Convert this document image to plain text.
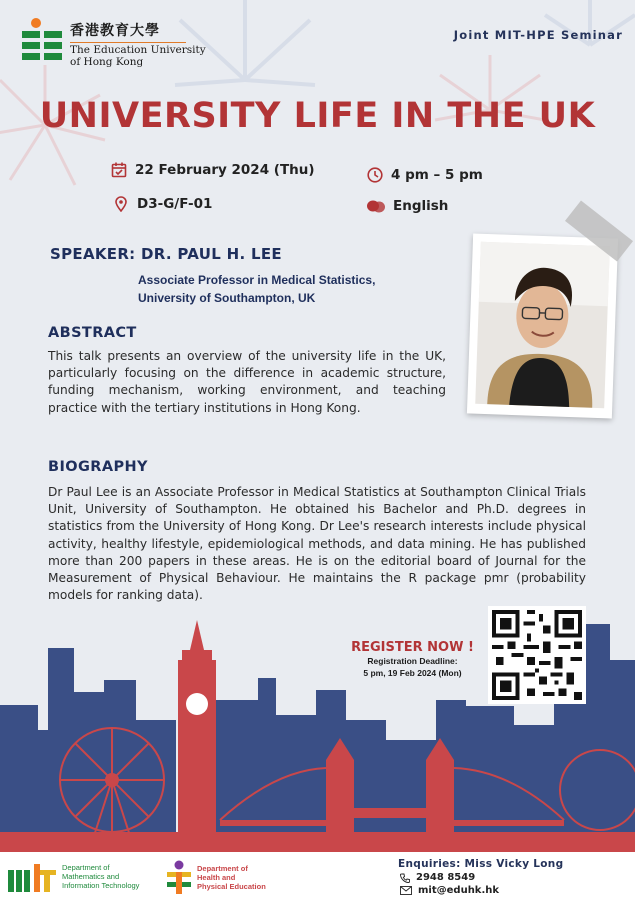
香港教育大學
The Education University
of Hong Kong
Joint MIT-HPE Seminar
UNIVERSITY LIFE IN THE UK
22 February 2024 (Thu)	4 pm – 5 pm
D3-G/F-01	English
SPEAKER: DR. PAUL H. LEE
Associate Professor in Medical Statistics,
University of Southampton, UK
ABSTRACT
This talk presents an overview of the university life in the UK, particularly focusing on the difference in academic structure, funding mechanism, working environment, and teaching practice with the tertiary institutions in Hong Kong.
BIOGRAPHY
Dr Paul Lee is an Associate Professor in Medical Statistics at Southampton Clinical Trials Unit, University of Southampton. He obtained his Bachelor and Ph.D. degrees in statistics from the University of Hong Kong. Dr Lee's research interests include physical activity, healthy lifestyle, epidemiological methods, and data mining. He has published more than 200 papers in these areas. He is on the editorial board of Journal for the Measurement of Physical Behaviour. He maintains the R package pmr (probability models for ranking data).
REGISTER NOW !
Registration Deadline:
5 pm, 19 Feb 2024 (Mon)
Department of
Mathematics and
Information Technology
Department of
Health and
Physical Education
Enquiries: Miss Vicky Long
2948 8549
mit@eduhk.hk
